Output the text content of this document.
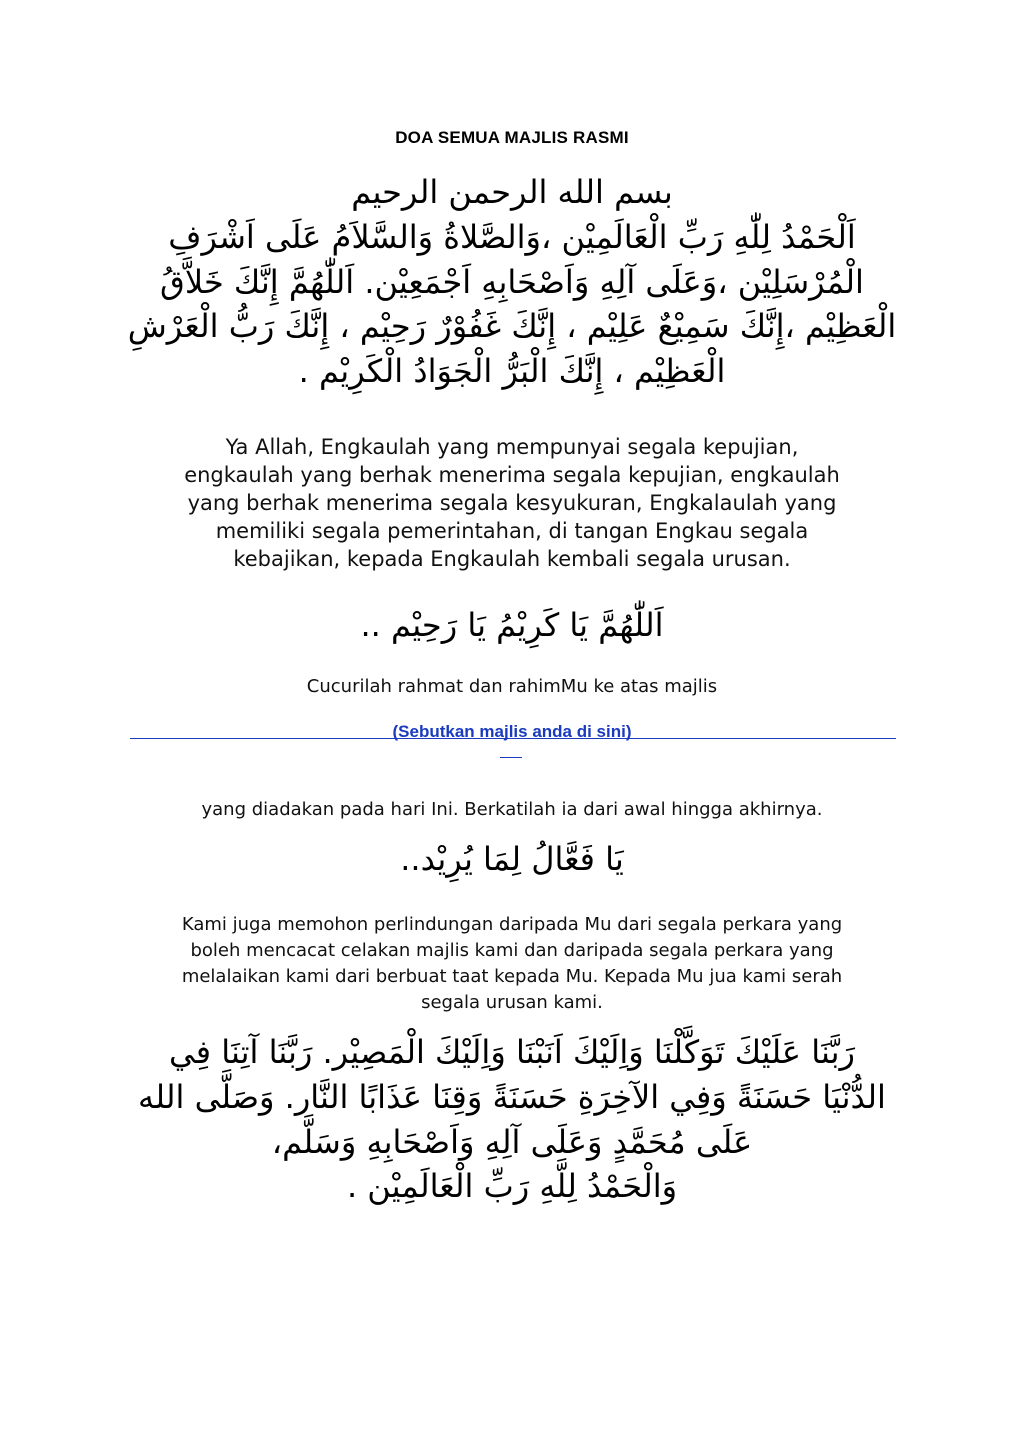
DOA SEMUA MAJLIS RASMI
بسم الله الرحمن الرحيم
اَلْحَمْدُ لِلّٰهِ رَبِّ الْعَالَمِيْن ،وَالصَّلاةُ وَالسَّلاَمُ عَلَى اَشْرَفِ
الْمُرْسَلِيْن ،وَعَلَى آلِهِ وَاَصْحَابِهِ اَجْمَعِيْن. اَللّٰهُمَّ إِنَّكَ خَلاَّقُ
الْعَظِيْم ،إِنَّكَ سَمِيْعٌ عَلِيْم ، إِنَّكَ غَفُوْرٌ رَحِيْم ، إِنَّكَ رَبُّ الْعَرْشِ
الْعَظِيْم ، إِنَّكَ الْبَرُّ الْجَوَادُ الْكَرِيْم .
Ya Allah, Engkaulah yang mempunyai segala kepujian,
engkaulah yang berhak menerima segala kepujian, engkaulah
yang berhak menerima segala kesyukuran, Engkalaulah yang
memiliki segala pemerintahan, di tangan Engkau segala
kebajikan, kepada Engkaulah kembali segala urusan.
اَللّٰهُمَّ يَا كَرِيْمُ يَا رَحِيْم ..
Cucurilah rahmat dan rahimMu ke atas majlis
(Sebutkan majlis anda di sini)
yang diadakan pada hari Ini. Berkatilah ia dari awal hingga akhirnya.
يَا فَعَّالُ لِمَا يُرِيْد..
Kami juga memohon perlindungan daripada Mu dari segala perkara yang
boleh mencacat celakan majlis kami dan daripada segala perkara yang
melalaikan kami dari berbuat taat kepada Mu. Kepada Mu jua kami serah
segala urusan kami.
رَبَّنَا عَلَيْكَ تَوَكَّلْنَا وَاِلَيْكَ اَنَبْنَا وَاِلَيْكَ الْمَصِيْر. رَبَّنَا آتِنَا فِي
الدُّنْيَا حَسَنَةً وَفِي الآخِرَةِ حَسَنَةً وَقِنَا عَذَابًا النَّار. وَصَلَّى الله
عَلَى مُحَمَّدٍ وَعَلَى آلِهِ وَاَصْحَابِهِ وَسَلَّم،
وَالْحَمْدُ لِلَّهِ رَبِّ الْعَالَمِيْن .
